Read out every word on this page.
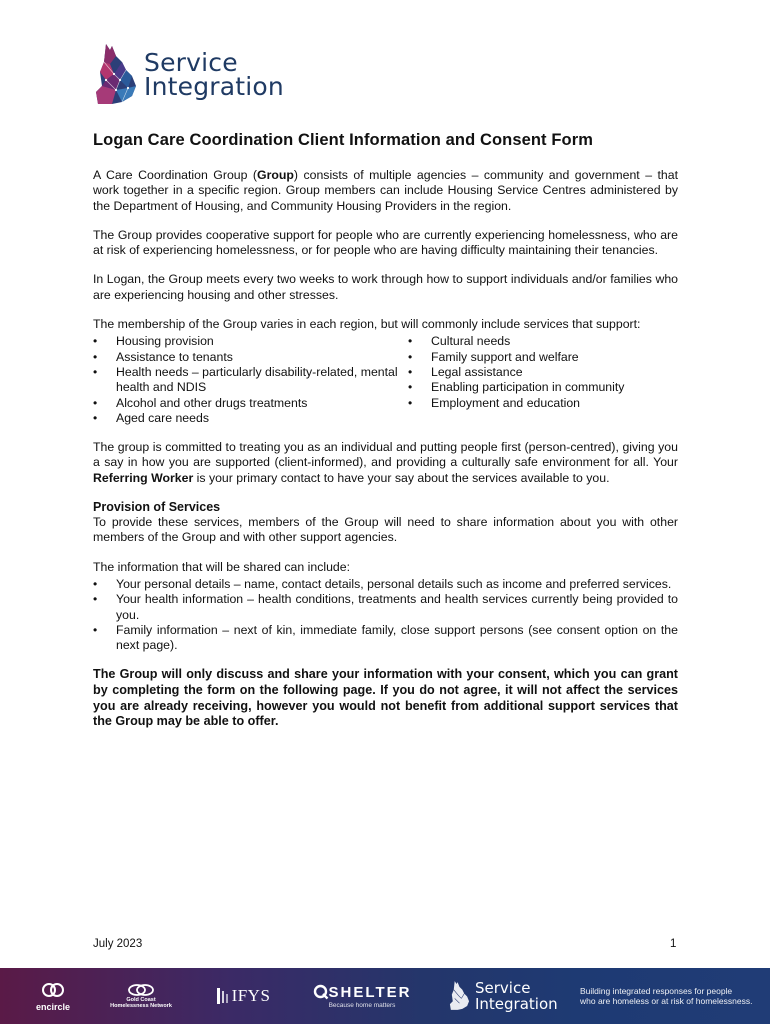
Service
Integration
Logan Care Coordination Client Information and Consent Form

A Care Coordination Group (Group) consists of multiple agencies – community and government – that work together in a specific region. Group members can include Housing Service Centres administered by the Department of Housing, and Community Housing Providers in the region.

The Group provides cooperative support for people who are currently experiencing homelessness, who are at risk of experiencing homelessness, or for people who are having difficulty maintaining their tenancies.

In Logan, the Group meets every two weeks to work through how to support individuals and/or families who are experiencing housing and other stresses.

The membership of the Group varies in each region, but will commonly include services that support:

• Housing provision
• Assistance to tenants
• Health needs – particularly disability-related, mental health and NDIS
• Alcohol and other drugs treatments
• Aged care needs
• Cultural needs
• Family support and welfare
• Legal assistance
• Enabling participation in community
• Employment and education

The group is committed to treating you as an individual and putting people first (person-centred), giving you a say in how you are supported (client-informed), and providing a culturally safe environment for all. Your Referring Worker is your primary contact to have your say about the services available to you.

Provision of Services

To provide these services, members of the Group will need to share information about you with other members of the Group and with other support agencies.

The information that will be shared can include:

• Your personal details – name, contact details, personal details such as income and preferred services.
• Your health information – health conditions, treatments and health services currently being provided to you.
• Family information – next of kin, immediate family, close support persons (see consent option on the next page).

The Group will only discuss and share your information with your consent, which you can grant by completing the form on the following page. If you do not agree, it will not affect the services you are already receiving, however you would not benefit from additional support services that the Group may be able to offer.

July 2023	1
encircle
Gold Coast Homelessness Network
IFYS	SHELTER
Because home matters
Service
Integration
Building integrated responses for people
who are homeless or at risk of homelessness.
